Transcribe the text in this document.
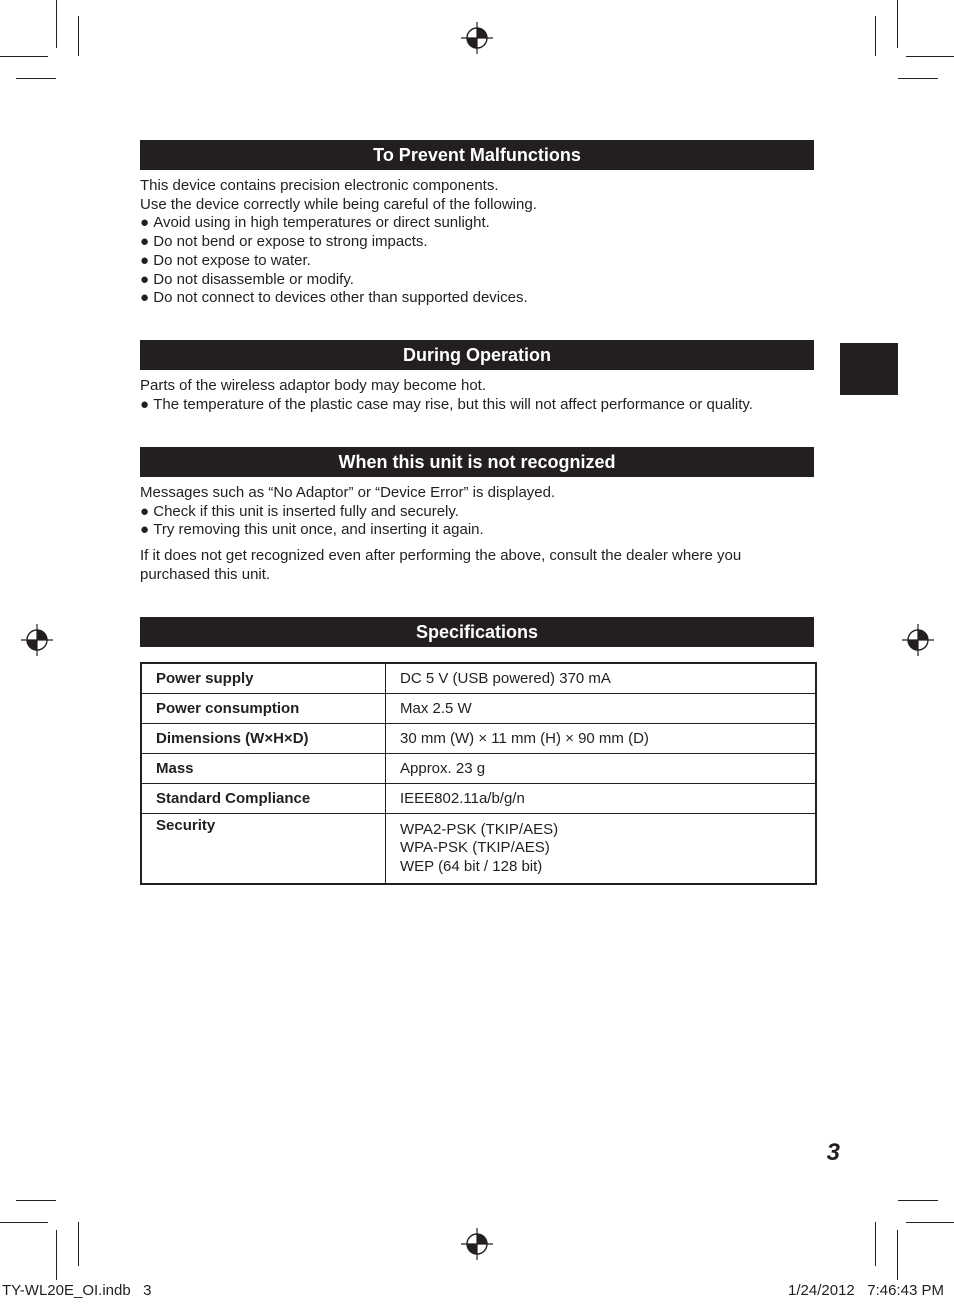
To Prevent Malfunctions

This device contains precision electronic components.

Use the device correctly while being careful of the following.

● Avoid using in high temperatures or direct sunlight.

● Do not bend or expose to strong impacts.

● Do not expose to water.

● Do not disassemble or modify.

● Do not connect to devices other than supported devices.

During Operation

Parts of the wireless adaptor body may become hot.

● The temperature of the plastic case may rise, but this will not affect performance or quality.

When this unit is not recognized

Messages such as “No Adaptor” or “Device Error” is displayed.

● Check if this unit is inserted fully and securely.

● Try removing this unit once, and inserting it again.

If it does not get recognized even after performing the above, consult the dealer where you

purchased this unit.

Specifications
Power supply	DC 5 V (USB powered) 370 mA
Power consumption	Max 2.5 W
Dimensions (W×H×D)	30 mm (W) × 11 mm (H) × 90 mm (D)
Mass	Approx. 23 g
Standard Compliance	IEEE802.11a/b/g/n
Security	WPA2-PSK (TKIP/AES)

WPA-PSK (TKIP/AES)

WEP (64 bit / 128 bit)

3
TY-WL20E_OI.indb   3	1/24/2012   7:46:43 PM
